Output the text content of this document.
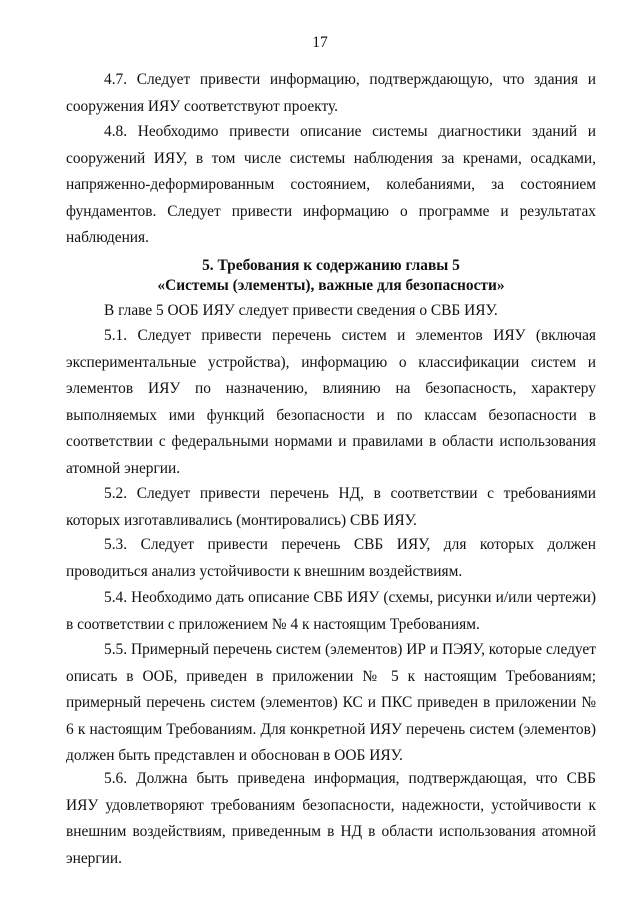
17
4.7. Следует привести информацию, подтверждающую, что здания и сооружения ИЯУ соответствуют проекту.
4.8. Необходимо привести описание системы диагностики зданий и сооружений ИЯУ, в том числе системы наблюдения за кренами, осадками, напряженно-деформированным состоянием, колебаниями, за состоянием фундаментов. Следует привести информацию о программе и результатах наблюдения.
5. Требования к содержанию главы 5
«Системы (элементы), важные для безопасности»
В главе 5 ООБ ИЯУ следует привести сведения о СВБ ИЯУ.
5.1. Следует привести перечень систем и элементов ИЯУ (включая экспериментальные устройства), информацию о классификации систем и элементов ИЯУ по назначению, влиянию на безопасность, характеру выполняемых ими функций безопасности и по классам безопасности в соответствии с федеральными нормами и правилами в области использования атомной энергии.
5.2. Следует привести перечень НД, в соответствии с требованиями которых изготавливались (монтировались) СВБ ИЯУ.
5.3. Следует привести перечень СВБ ИЯУ, для которых должен проводиться анализ устойчивости к внешним воздействиям.
5.4. Необходимо дать описание СВБ ИЯУ (схемы, рисунки и/или чертежи) в соответствии с приложением № 4 к настоящим Требованиям.
5.5. Примерный перечень систем (элементов) ИР и ПЭЯУ, которые следует описать в ООБ, приведен в приложении № 5 к настоящим Требованиям; примерный перечень систем (элементов) КС и ПКС приведен в приложении № 6 к настоящим Требованиям. Для конкретной ИЯУ перечень систем (элементов) должен быть представлен и обоснован в ООБ ИЯУ.
5.6. Должна быть приведена информация, подтверждающая, что СВБ ИЯУ удовлетворяют требованиям безопасности, надежности, устойчивости к внешним воздействиям, приведенным в НД в области использования атомной энергии.
